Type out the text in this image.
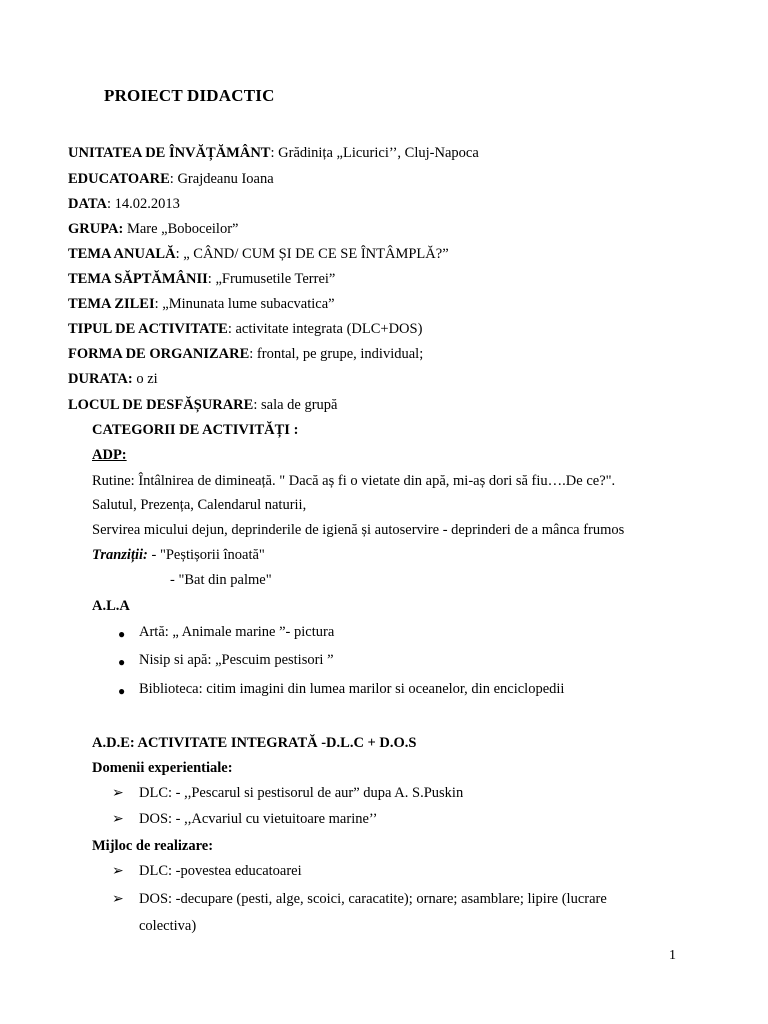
PROIECT DIDACTIC
UNITATEA DE ÎNVĂȚĂMÂNT: Grădinița „Licurici’’, Cluj-Napoca
EDUCATOARE: Grajdeanu Ioana
DATA: 14.02.2013
GRUPA: Mare „Boboceilor”
TEMA ANUALĂ: „ CÂND/ CUM ȘI DE CE SE ÎNTÂMPLĂ?”
TEMA SĂPTĂMÂNII: „Frumusetile Terrei”
TEMA ZILEI: „Minunata lume subacvatica”
TIPUL DE ACTIVITATE: activitate integrata (DLC+DOS)
FORMA DE ORGANIZARE: frontal, pe grupe, individual;
DURATA: o zi
LOCUL DE DESFĂȘURARE: sala de grupă
CATEGORII DE ACTIVITĂȚI :
ADP:
Rutine: Întâlnirea de dimineață. " Dacă aș fi o vietate din apă, mi-aș dori să fiu….De ce?".
Salutul, Prezența, Calendarul naturii,
Servirea micului dejun, deprinderile de igienă și autoservire - deprinderi de a mânca frumos
Tranziții: - "Peștișorii înoată"
- "Bat din palme"
A.L.A
● Artă: „ Animale marine ”- pictura
● Nisip si apă: „Pescuim pestisori ”
● Biblioteca: citim imagini din lumea marilor si oceanelor, din enciclopedii
A.D.E: ACTIVITATE INTEGRATĂ -D.L.C + D.O.S
Domenii experientiale:
➢ DLC: - ,,Pescarul si pestisorul de aur” dupa A. S.Puskin
➢ DOS: - ,,Acvariul cu vietuitoare marine’’
Mijloc de realizare:
➢ DLC: -povestea educatoarei
➢ DOS: -decupare (pesti, alge, scoici, caracatite); ornare; asamblare; lipire (lucrare
colectiva)
1
